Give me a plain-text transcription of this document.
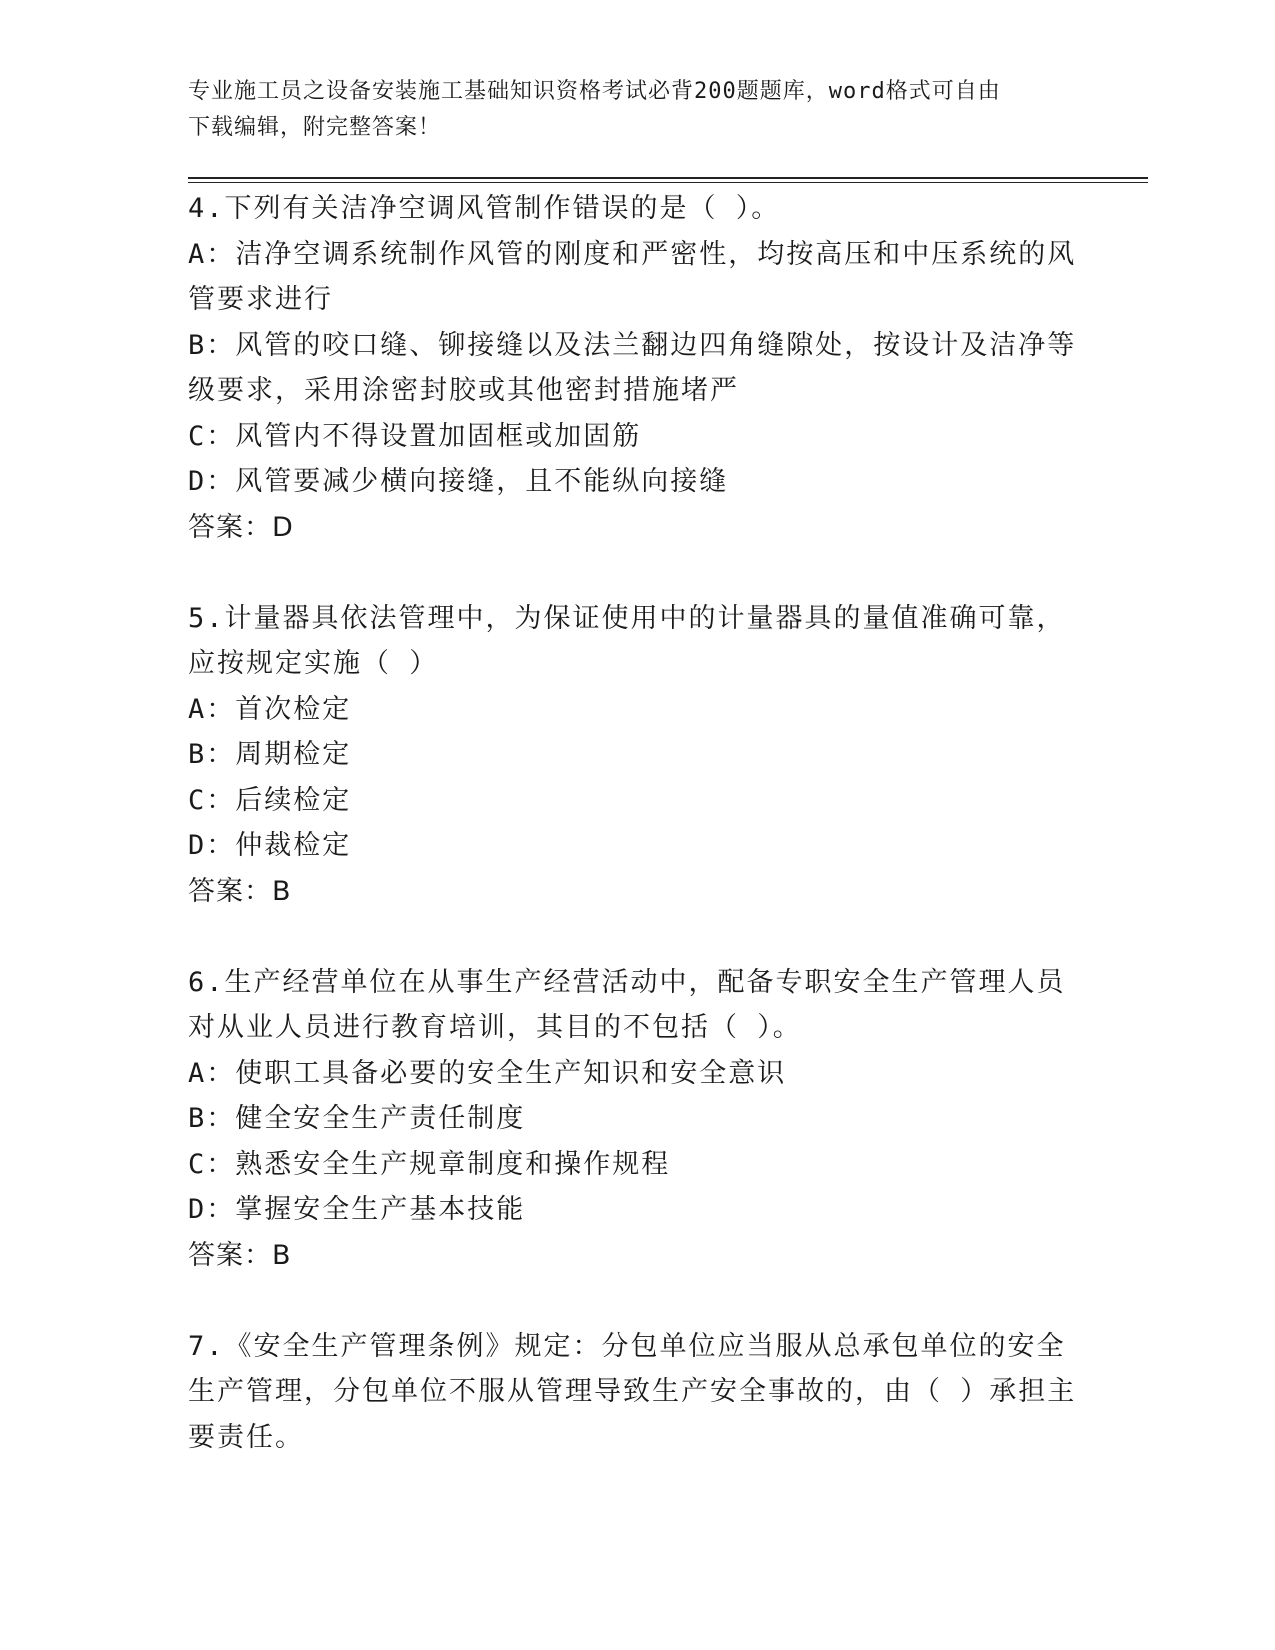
专业施工员之设备安装施工基础知识资格考试必背200题题库，word格式可自由
下载编辑，附完整答案！
4.下列有关洁净空调风管制作错误的是（ ）。
A：洁净空调系统制作风管的刚度和严密性，均按高压和中压系统的风
管要求进行
B：风管的咬口缝、铆接缝以及法兰翻边四角缝隙处，按设计及洁净等
级要求，采用涂密封胶或其他密封措施堵严
C：风管内不得设置加固框或加固筋
D：风管要减少横向接缝，且不能纵向接缝
答案：D
5.计量器具依法管理中，为保证使用中的计量器具的量值准确可靠，
应按规定实施（ ）
A：首次检定
B：周期检定
C：后续检定
D：仲裁检定
答案：B
6.生产经营单位在从事生产经营活动中，配备专职安全生产管理人员
对从业人员进行教育培训，其目的不包括（ ）。
A：使职工具备必要的安全生产知识和安全意识
B：健全安全生产责任制度
C：熟悉安全生产规章制度和操作规程
D：掌握安全生产基本技能
答案：B
7.《安全生产管理条例》规定：分包单位应当服从总承包单位的安全
生产管理，分包单位不服从管理导致生产安全事故的，由（ ）承担主
要责任。
